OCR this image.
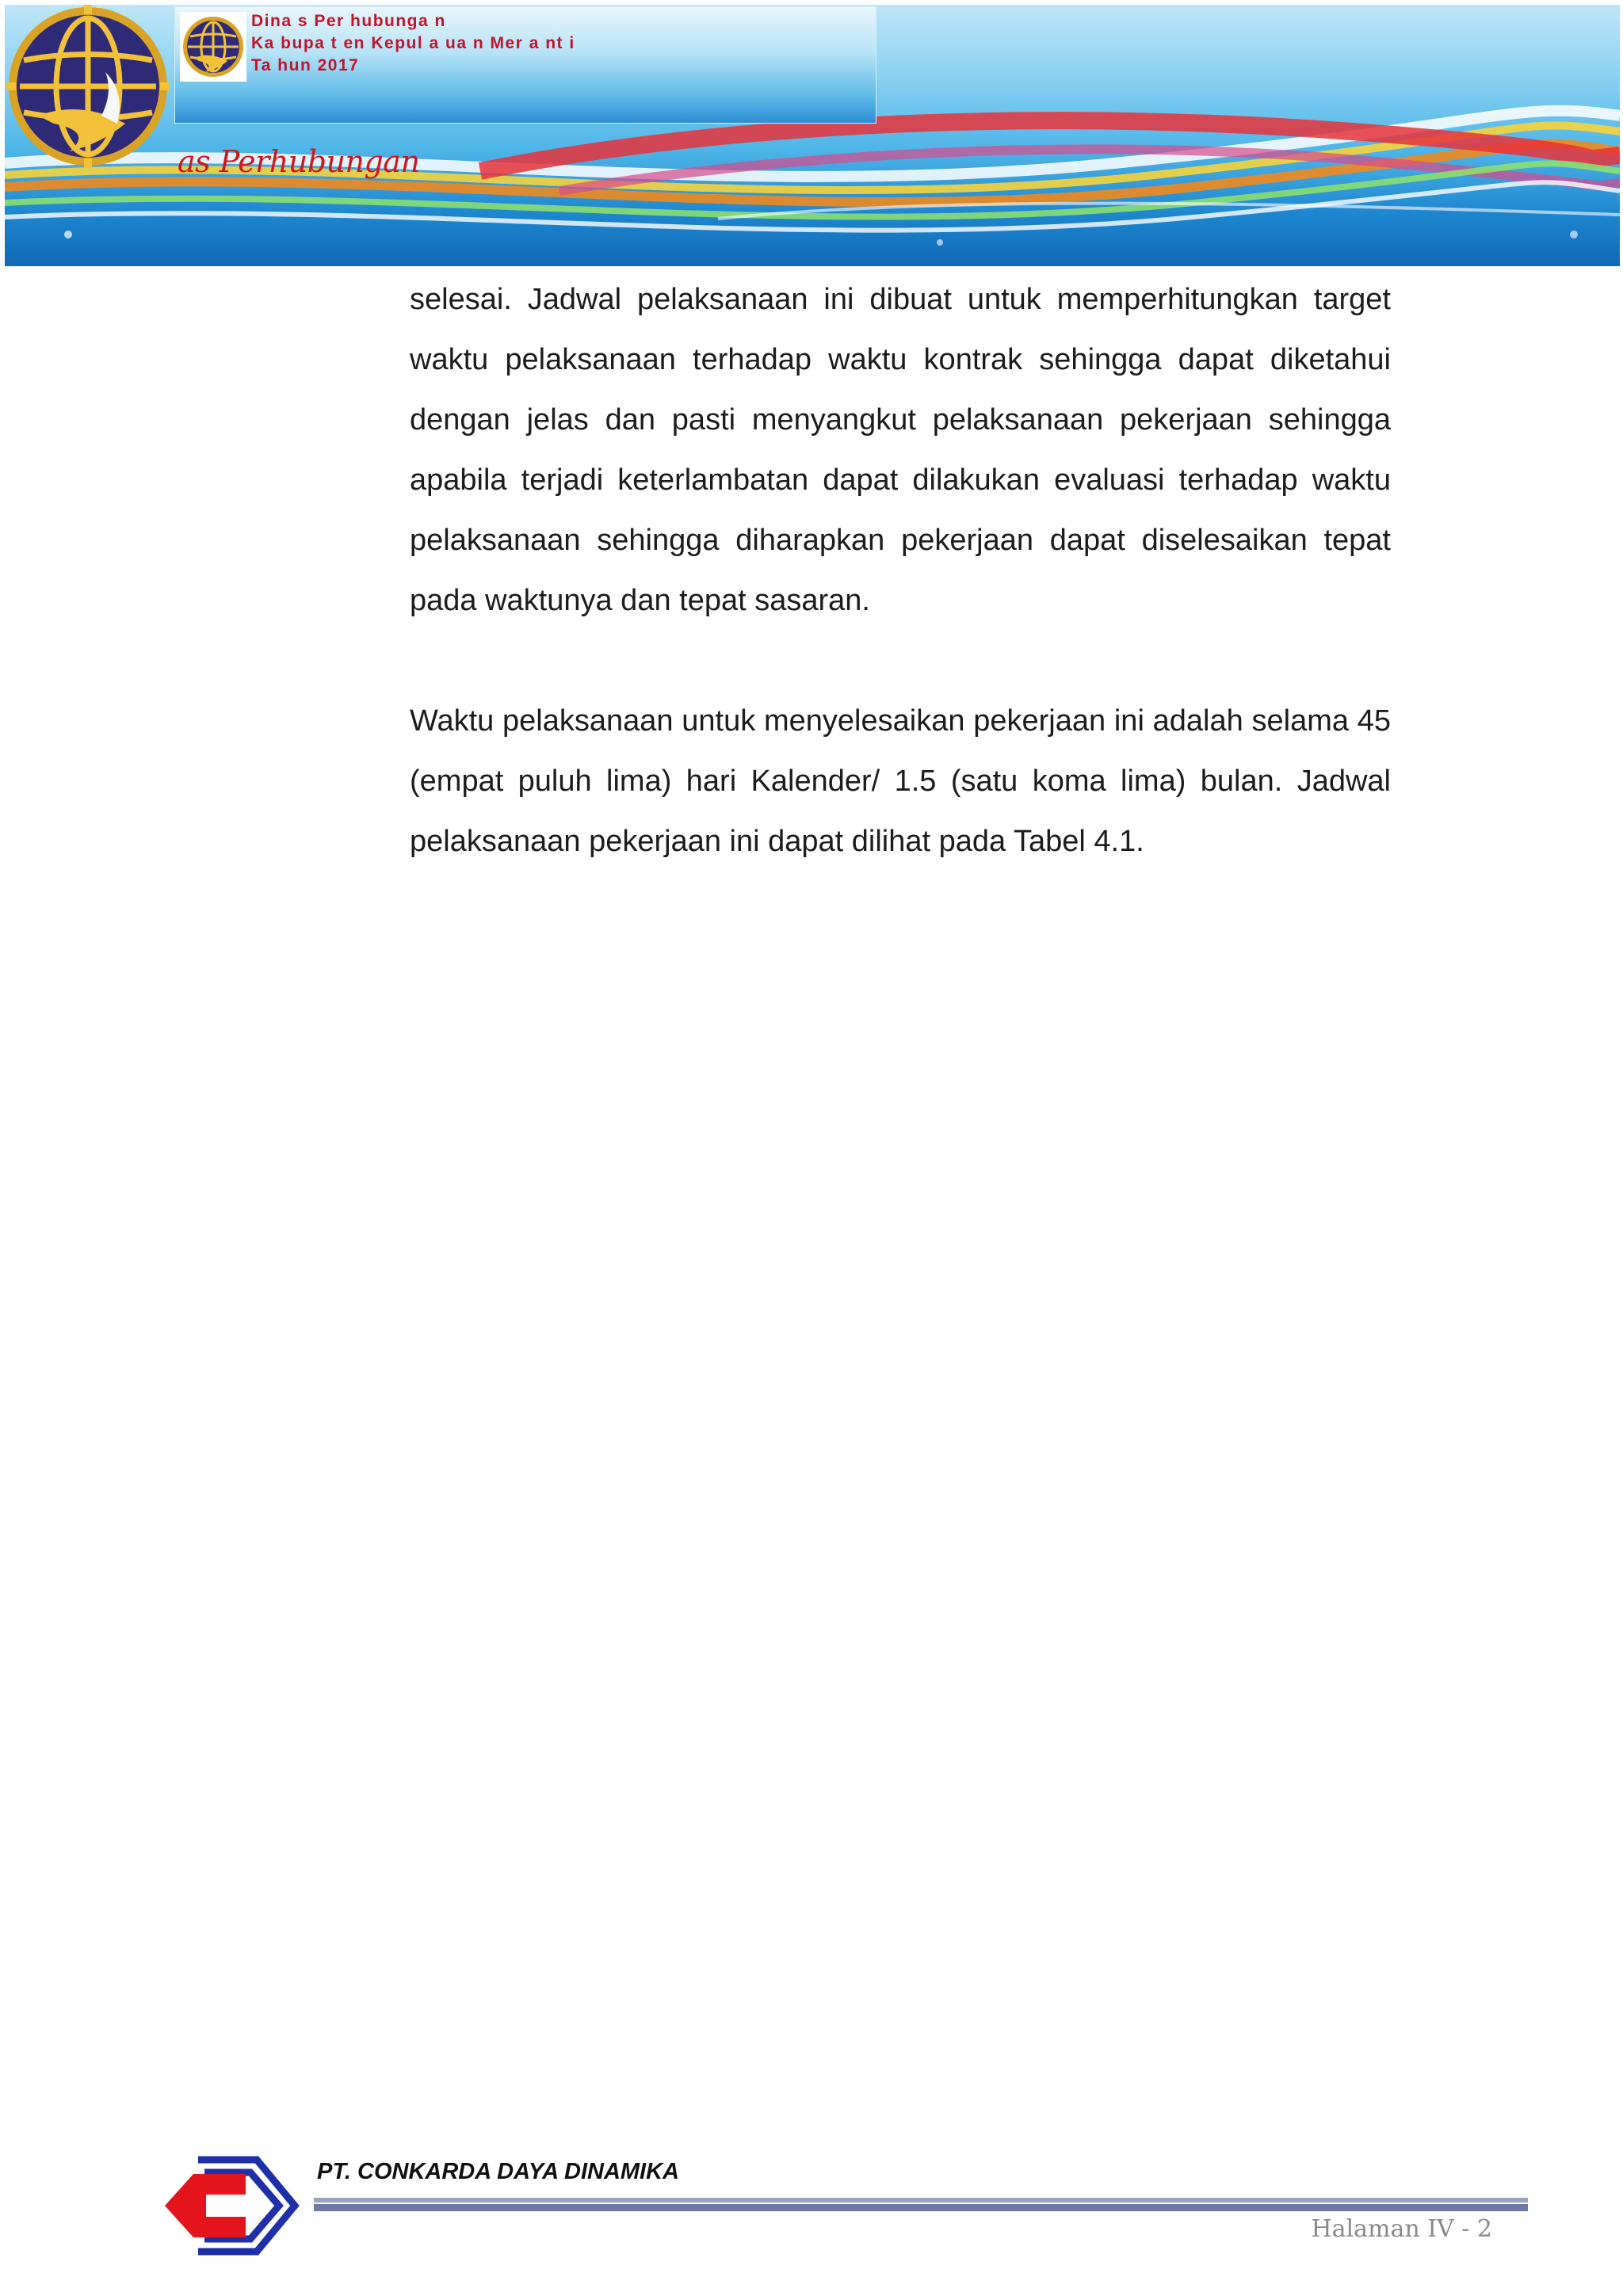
Dina s Per hubunga n
Ka bupa t en Kepul a ua n Mer a nt i
Ta hun 2017
as Perhubungan

selesai. Jadwal pelaksanaan ini dibuat untuk memperhitungkan target waktu pelaksanaan terhadap waktu kontrak sehingga dapat diketahui dengan jelas dan pasti menyangkut pelaksanaan pekerjaan sehingga apabila terjadi keterlambatan dapat dilakukan evaluasi terhadap waktu pelaksanaan sehingga diharapkan pekerjaan dapat diselesaikan tepat pada waktunya dan tepat sasaran.

Waktu pelaksanaan untuk menyelesaikan pekerjaan ini adalah selama 45 (empat puluh lima) hari Kalender/ 1.5 (satu koma lima) bulan. Jadwal pelaksanaan pekerjaan ini dapat dilihat pada Tabel 4.1.

PT. CONKARDA DAYA DINAMIKA
Halaman IV - 2
